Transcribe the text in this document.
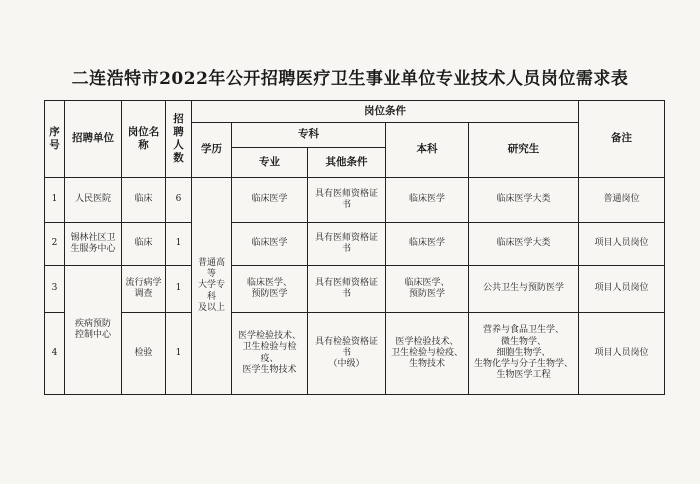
二连浩特市2022年公开招聘医疗卫生事业单位专业技术人员岗位需求表
序号	招聘单位	岗位名称	招聘人数	岗位条件					备注
				学历	专科		本科	研究生	
					专业	其他条件			
1	人民医院	临床	6	普通高等
大学专科
及以上	临床医学	具有医师资格证书	临床医学	临床医学大类	普通岗位
2	锡林社区卫
生服务中心	临床	1		临床医学	具有医师资格证书	临床医学	临床医学大类	项目人员岗位
3	疾病预防
控制中心	流行病学
调查	1		临床医学、
预防医学	具有医师资格证书	临床医学、
预防医学	公共卫生与预防医学	项目人员岗位
4		检验	1		医学检验技术、
卫生检验与检疫、
医学生物技术	具有检验资格证书
（中级）	医学检验技术、
卫生检验与检疫、
生物技术	营养与食品卫生学、
微生物学、
细胞生物学、
生物化学与分子生物学、
生物医学工程	项目人员岗位
